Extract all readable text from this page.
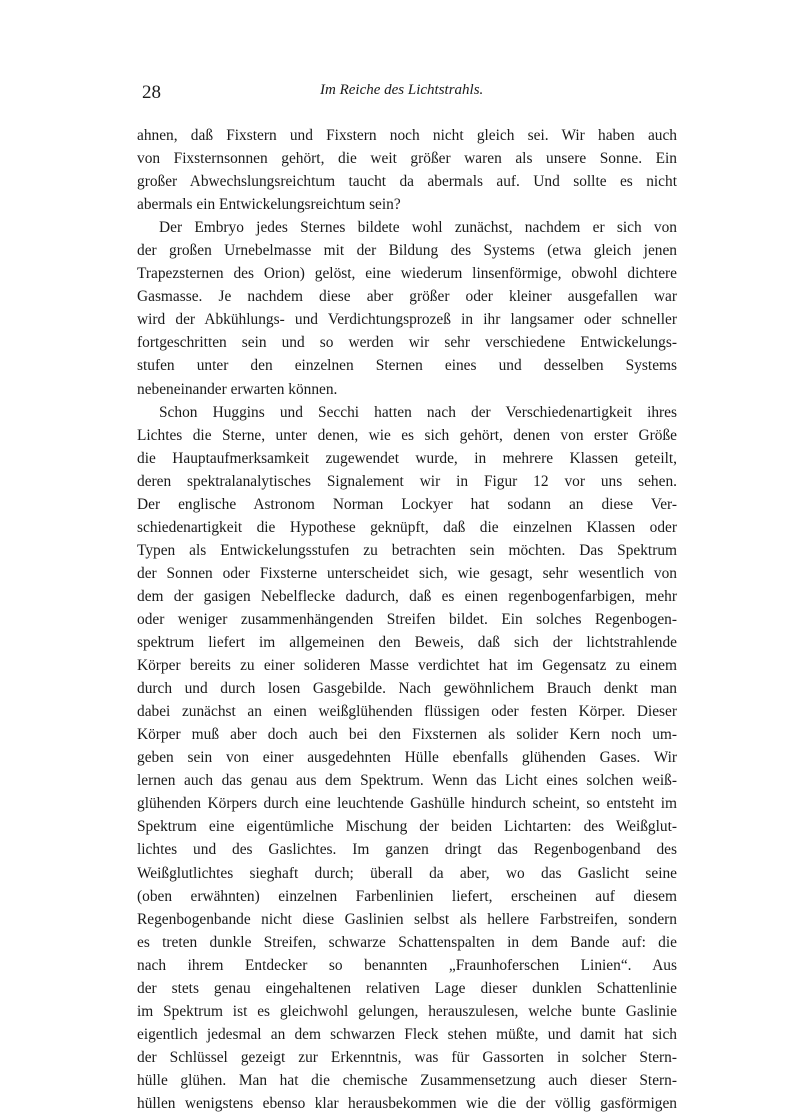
28	Im Reiche des Lichtstrahls.
ahnen, daß Fixstern und Fixstern noch nicht gleich sei. Wir haben auch
von Fixsternsonnen gehört, die weit größer waren als unsere Sonne. Ein
großer Abwechslungsreichtum taucht da abermals auf. Und sollte es nicht
abermals ein Entwickelungsreichtum sein?
Der Embryo jedes Sternes bildete wohl zunächst, nachdem er sich von
der großen Urnebelmasse mit der Bildung des Systems (etwa gleich jenen
Trapezsternen des Orion) gelöst, eine wiederum linsenförmige, obwohl dichtere
Gasmasse. Je nachdem diese aber größer oder kleiner ausgefallen war
wird der Abkühlungs- und Verdichtungsprozeß in ihr langsamer oder schneller
fortgeschritten sein und so werden wir sehr verschiedene Entwickelungs-
stufen unter den einzelnen Sternen eines und desselben Systems
nebeneinander erwarten können.
Schon Huggins und Secchi hatten nach der Verschiedenartigkeit ihres
Lichtes die Sterne, unter denen, wie es sich gehört, denen von erster Größe
die Hauptaufmerksamkeit zugewendet wurde, in mehrere Klassen geteilt,
deren spektralanalytisches Signalement wir in Figur 12 vor uns sehen.
Der englische Astronom Norman Lockyer hat sodann an diese Ver-
schiedenartigkeit die Hypothese geknüpft, daß die einzelnen Klassen oder
Typen als Entwickelungsstufen zu betrachten sein möchten. Das Spektrum
der Sonnen oder Fixsterne unterscheidet sich, wie gesagt, sehr wesentlich von
dem der gasigen Nebelflecke dadurch, daß es einen regenbogenfarbigen, mehr
oder weniger zusammenhängenden Streifen bildet. Ein solches Regenbogen-
spektrum liefert im allgemeinen den Beweis, daß sich der lichtstrahlende
Körper bereits zu einer solideren Masse verdichtet hat im Gegensatz zu einem
durch und durch losen Gasgebilde. Nach gewöhnlichem Brauch denkt man
dabei zunächst an einen weißglühenden flüssigen oder festen Körper. Dieser
Körper muß aber doch auch bei den Fixsternen als solider Kern noch um-
geben sein von einer ausgedehnten Hülle ebenfalls glühenden Gases. Wir
lernen auch das genau aus dem Spektrum. Wenn das Licht eines solchen weiß-
glühenden Körpers durch eine leuchtende Gashülle hindurch scheint, so entsteht im
Spektrum eine eigentümliche Mischung der beiden Lichtarten: des Weißglut-
lichtes und des Gaslichtes. Im ganzen dringt das Regenbogenband des
Weißglutlichtes sieghaft durch; überall da aber, wo das Gaslicht seine
(oben erwähnten) einzelnen Farbenlinien liefert, erscheinen auf diesem
Regenbogenbande nicht diese Gaslinien selbst als hellere Farbstreifen, sondern
es treten dunkle Streifen, schwarze Schattenspalten in dem Bande auf: die
nach ihrem Entdecker so benannten „Fraunhoferschen Linien“. Aus
der stets genau eingehaltenen relativen Lage dieser dunklen Schattenlinie
im Spektrum ist es gleichwohl gelungen, herauszulesen, welche bunte Gaslinie
eigentlich jedesmal an dem schwarzen Fleck stehen müßte, und damit hat sich
der Schlüssel gezeigt zur Erkenntnis, was für Gassorten in solcher Stern-
hülle glühen. Man hat die chemische Zusammensetzung auch dieser Stern-
hüllen wenigstens ebenso klar herausbekommen wie die der völlig gasförmigen
